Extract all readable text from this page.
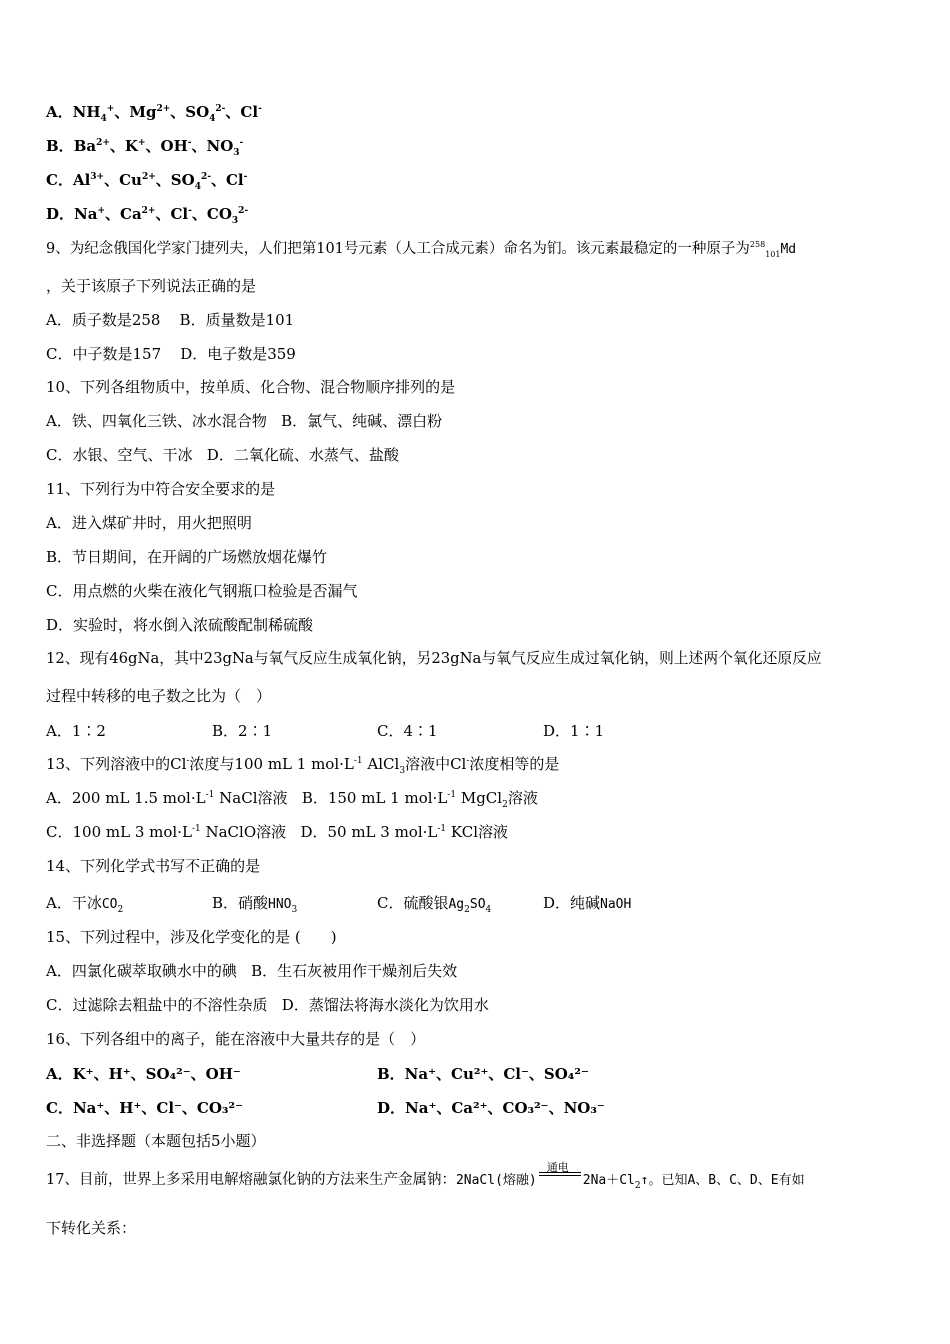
A．$NH_4^+$、$Mg^{2+}$、$SO_4^{2-}$、Cl-
B．$Ba^{2+}$、K+、OH-、$NO_3^-$
C．$Al^{3+}$、$Cu^{2+}$、$SO_4^{2-}$、Cl-
D．Na+、$Ca^{2+}$、Cl-、$CO_3^{2-}$
9、为纪念俄国化学家门捷列夫，人们把第101号元素（人工合成元素）命名为钔。该元素最稳定的一种原子为$^{258}_{101}$Md
，关于该原子下列说法正确的是
A．质子数是258 B．质量数是101
C．中子数是157 D．电子数是359
10、下列各组物质中，按单质、化合物、混合物顺序排列的是
A．铁、四氧化三铁、冰水混合物 B．氯气、纯碱、漂白粉
C．水银、空气、干冰 D．二氧化硫、水蒸气、盐酸
11、下列行为中符合安全要求的是
A．进入煤矿井时，用火把照明
B．节日期间，在开阔的广场燃放烟花爆竹
C．用点燃的火柴在液化气钢瓶口检验是否漏气
D．实验时，将水倒入浓硫酸配制稀硫酸
12、现有46gNa，其中23gNa与氧气反应生成氧化钠，另23gNa与氧气反应生成过氧化钠，则上述两个氧化还原反应
过程中转移的电子数之比为（　）
A．1∶2	B．2∶1	C．4∶1	D．1∶1
13、下列溶液中的Cl-浓度与100 mL 1 $mol\cdot L^{-1}$ AlCl$_3$溶液中Cl-浓度相等的是
A．200 mL 1.5 $mol\cdot L^{-1}$ NaCl溶液 B．150 mL 1 $mol\cdot L^{-1}$ MgCl$_2$溶液
C．100 mL 3 $mol\cdot L^{-1}$ NaClO溶液 D．50 mL 3 $mol\cdot L^{-1}$ KCl溶液
14、下列化学式书写不正确的是
A．干冰$CO_2$	B．硝酸$HNO_3$	C．硫酸银$Ag_2SO_4$	D．纯碱NaOH
15、下列过程中，涉及化学变化的是 (　　)
A．四氯化碳萃取碘水中的碘 B．生石灰被用作干燥剂后失效
C．过滤除去粗盐中的不溶性杂质 D．蒸馏法将海水淡化为饮用水
16、下列各组中的离子，能在溶液中大量共存的是（　）
A．K⁺、H⁺、SO₄²⁻、OH⁻	B．Na⁺、Cu²⁺、Cl⁻、SO₄²⁻
C．Na⁺、H⁺、Cl⁻、CO₃²⁻	D．Na⁺、Ca²⁺、CO₃²⁻、NO₃⁻
二、非选择题（本题包括5小题）
17、目前，世界上多采用电解熔融氯化钠的方法来生产金属钠：2NaCl(熔融)
通电
$2Na+Cl_2↑$。已知A、B、C、D、E有如
下转化关系：
